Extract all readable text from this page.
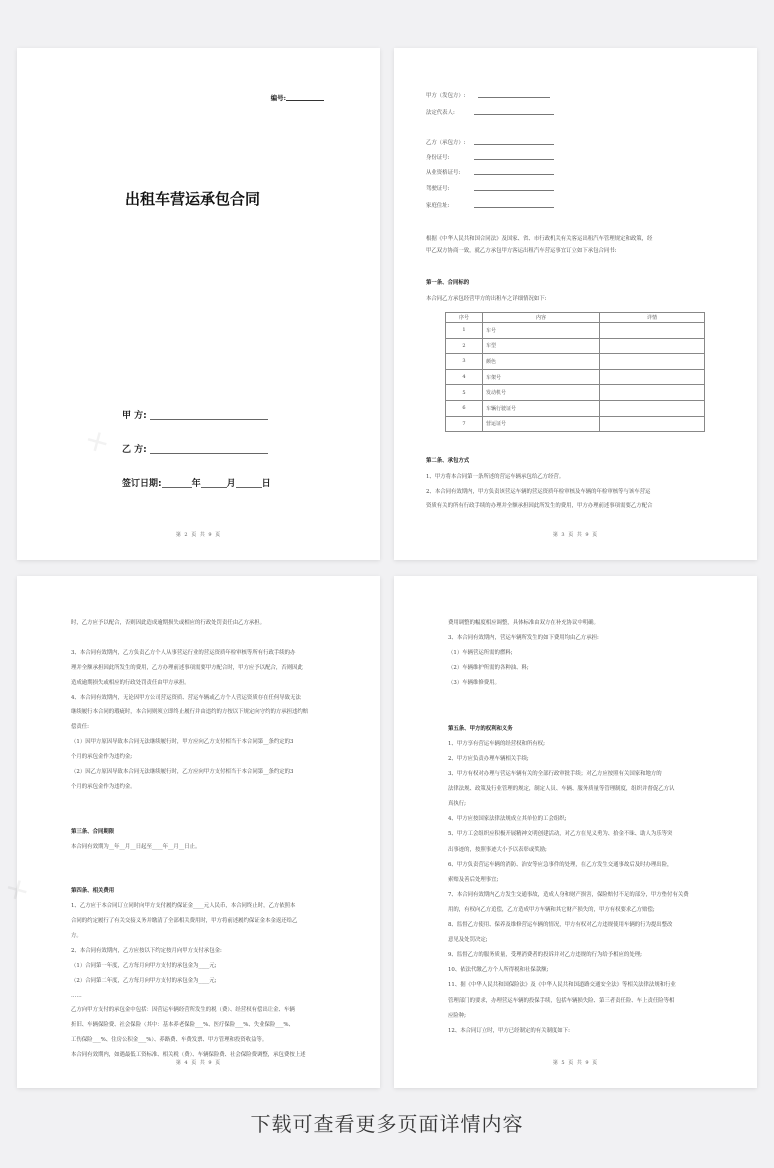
编号:
出租车营运承包合同
甲 方:
乙 方:
签订日期:	年	月	日
✕
第 2 页 共 9 页
甲方（发包方）:
法定代表人:
乙方（承包方）:
身份证号:
从业资格证号:
驾驶证号:
家庭住址:
根据《中华人民共和国合同法》及国家、省、市行政机关有关客运出租汽车管理规定和政策，经
甲乙双方协商一致，就乙方承包甲方客运出租汽车营运事宜订立如下承包合同书:
第一条、合同标的
本合同乙方承包经营甲方的出租车之详细情况如下:
序号	内容	详情
1	车号	
2	车型	
3	颜色	
4	车架号	
5	发动机号	
6	车辆行驶证号	
7	营运证号	
第二条、承包方式
1、甲方将本合同第一条所述的营运车辆承包给乙方经营。
2、本合同有效期内，甲方负责该营运车辆的营运资质年检审核及车辆的年检审核等与该车营运
资质有关的所有行政手续的办理并全额承担因此所发生的费用，甲方办理前述事项需要乙方配合
第 3 页 共 9 页
时，乙方应予以配合，否则因此造成逾期损失或相应的行政处罚责任由乙方承担。
3、本合同有效期内，乙方负责乙方个人从事营运行业的营运资质年检审核等所有行政手续的办
理并全额承担因此所发生的费用，乙方办理前述事项需要甲方配合时，甲方应予以配合，否则因此
造成逾期损失或相应的行政处罚责任由甲方承担。
4、本合同有效期内，无论因甲方公司营运资质、营运车辆或乙方个人营运资质存在任何导致无法
继续履行本合同的瑕疵时，本合同则须立即终止履行并由违约的方按以下规定向守约的方承担违约赔
偿责任:
（1）因甲方原因导致本合同无法继续履行时，甲方应向乙方支付相当于本合同第__条约定的3
个月的承包金作为违约金;
（2）因乙方原因导致本合同无法继续履行时，乙方应向甲方支付相当于本合同第__条约定的3
个月的承包金作为违约金。
第三条、合同期限
本合同有效期为__年__月__日起至____年__月__日止。
第四条、相关费用
1、乙方应于本合同订立同时向甲方支付履约保证金____元人民币，本合同终止时，乙方依照本
合同的约定履行了有关交接义务并缴清了全部相关费用时，甲方将前述履约保证金本金返还给乙
方。
2、本合同有效期内，乙方应按以下约定按月向甲方支付承包金:
（1）合同第一年度，乙方每月向甲方支付的承包金为____元;
（2）合同第二年度，乙方每月向甲方支付的承包金为____元;
……
乙方向甲方支付的承包金中包括：因营运车辆经营所发生的税（费）、经营权有偿出让金、车辆
折旧、车辆保险费、社会保险（其中：基本养老保险___%、医疗保险___%、失业保险___%、
工伤保险___%、住房公积金___%）、养路费、车费发票、甲方管理和投资收益等。
本合同有效期内，如遇最低工资标准、相关税（费）、车辆保险费、社会保险费调整，承包费按上述
✕
第 4 页 共 9 页
费用调整的幅度相应调整，具体标准由双方在补充协议中明确。
3、本合同有效期内，营运车辆所发生的如下费用均由乙方承担:
（1）车辆营运所需的燃料;
（2）车辆维护所需的各种油、料;
（3）车辆维修费用。
第五条、甲方的权利和义务
1、甲方享有营运车辆的经营权和所有权;
2、甲方应负责办理车辆相关手续;
3、甲方有权对办理与营运车辆有关的全部行政审批手续；对乙方应按照有关国家和地方的
法律法规、政策及行业管理的规定，制定人员、车辆、服务质量等管理制度，组织并督促乙方认
真执行;
4、甲方应按国家法律法规成立其单位的工会组织;
5、甲方工会组织应积极开展精神文明创建活动，对乙方在见义勇为、拾金不昧、助人为乐等突
出事迹的，按照事迹大小予以表彰或奖励;
6、甲方负责营运车辆的消防、治安等应急事件的处理，在乙方发生交通事故后及时办理出险，
索赔及善后处理事宜;
7、本合同有效期内乙方发生交通事故，造成人身和财产损害，保险赔付不足的部分，甲方垫付有关费
用的，有权向乙方追偿，乙方造成甲方车辆和其它财产损失的，甲方有权要求乙方赔偿;
8、监督乙方使用、保养及维修营运车辆的情况，甲方有权对乙方违规使用车辆的行为提出整改
意见及处罚决定;
9、监督乙方的服务质量，受理消费者的投诉并对乙方违规的行为给予相应的处理;
10、依法代缴乙方个人所得税和社保款额;
11、据《中华人民共和国保险法》及《中华人民共和国道路交通安全法》等相关法律法规和行业
管理部门的要求，办理营运车辆的投保手续，包括车辆损失险、第三者责任险、车上责任险等相
应险种;
12、本合同订立时，甲方已经制定的有关制度如下:
第 5 页 共 9 页
下载可查看更多页面详情内容
